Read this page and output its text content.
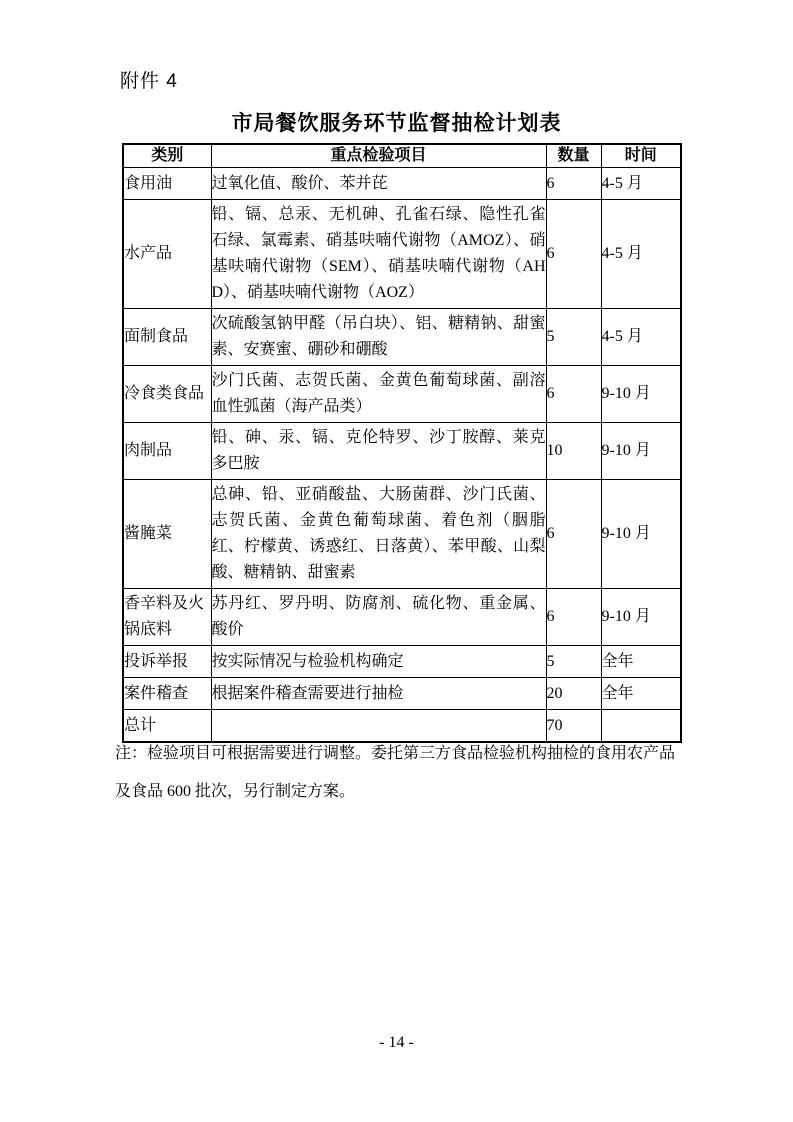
附件 4
市局餐饮服务环节监督抽检计划表
类别	重点检验项目	数量	时间
食用油	过氧化值、酸价、苯并芘	6	4-5 月
水产品	铅、镉、总汞、无机砷、孔雀石绿、隐性孔雀石绿、氯霉素、硝基呋喃代谢物（AMOZ）、硝基呋喃代谢物（SEM）、硝基呋喃代谢物（AHD）、硝基呋喃代谢物（AOZ）	6	4-5 月
面制食品	次硫酸氢钠甲醛（吊白块）、铝、糖精钠、甜蜜素、安赛蜜、硼砂和硼酸	5	4-5 月
冷食类食品	沙门氏菌、志贺氏菌、金黄色葡萄球菌、副溶血性弧菌（海产品类）	6	9-10 月
肉制品	铅、砷、汞、镉、克伦特罗、沙丁胺醇、莱克多巴胺	10	9-10 月
酱腌菜	总砷、铅、亚硝酸盐、大肠菌群、沙门氏菌、志贺氏菌、金黄色葡萄球菌、着色剂（胭脂红、柠檬黄、诱惑红、日落黄）、苯甲酸、山梨酸、糖精钠、甜蜜素	6	9-10 月
香辛料及火锅底料	苏丹红、罗丹明、防腐剂、硫化物、重金属、酸价	6	9-10 月
投诉举报	按实际情况与检验机构确定	5	全年
案件稽查	根据案件稽查需要进行抽检	20	全年
总计		70	
注：检验项目可根据需要进行调整。委托第三方食品检验机构抽检的食用农产品
及食品 600 批次，另行制定方案。
- 14 -
